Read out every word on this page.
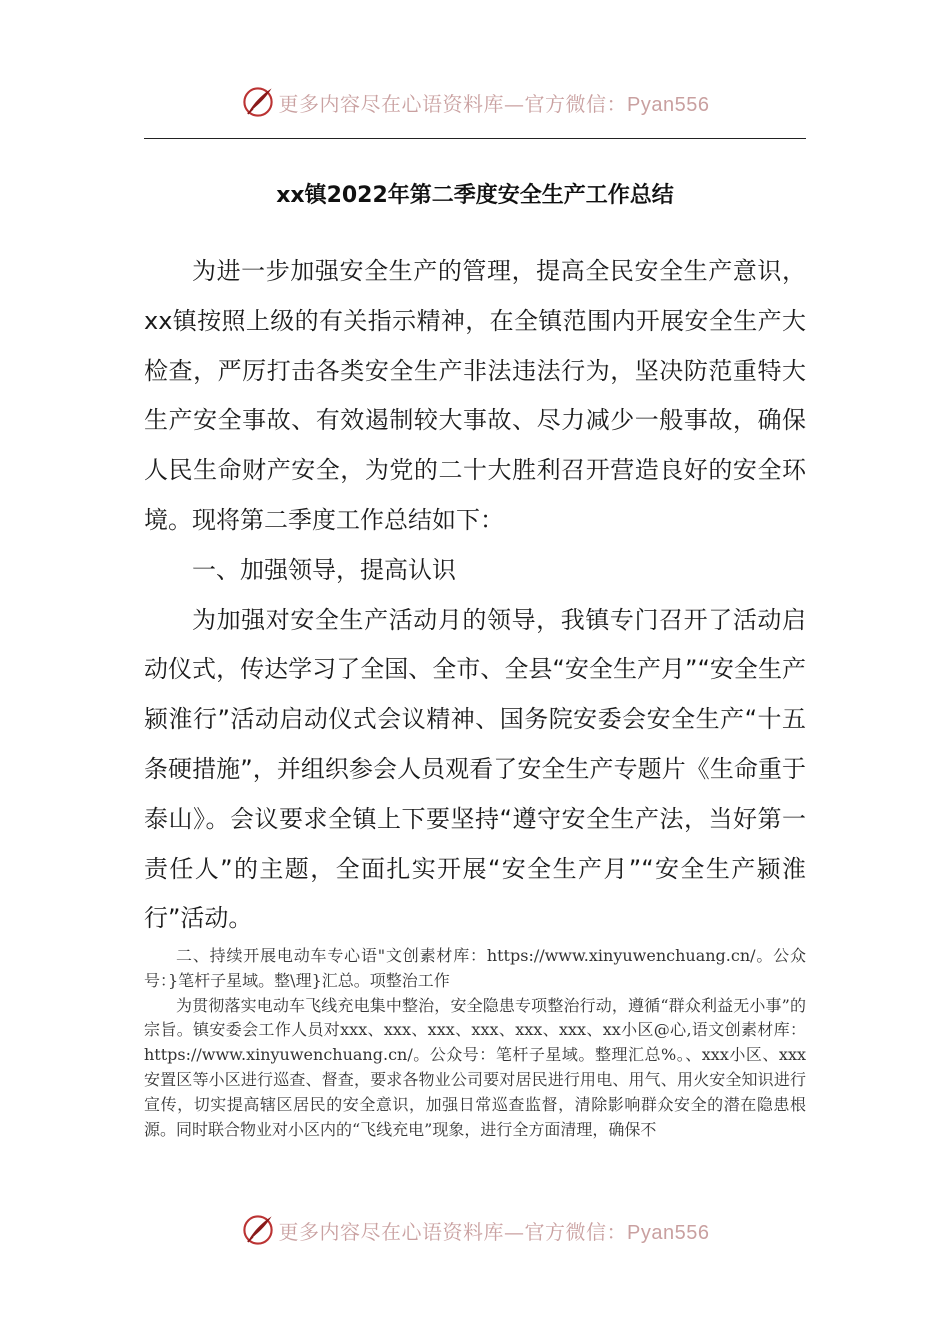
更多内容尽在心语资料库—官方微信：Pyan556
xx镇2022年第二季度安全生产工作总结

为进一步加强安全生产的管理，提高全民安全生产意识，xx镇按照上级的有关指示精神，在全镇范围内开展安全生产大检查，严厉打击各类安全生产非法违法行为，坚决防范重特大生产安全事故、有效遏制较大事故、尽力减少一般事故，确保人民生命财产安全，为党的二十大胜利召开营造良好的安全环境。现将第二季度工作总结如下：

一、加强领导，提高认识

为加强对安全生产活动月的领导，我镇专门召开了活动启动仪式，传达学习了全国、全市、全县“安全生产月”“安全生产颍淮行”活动启动仪式会议精神、国务院安委会安全生产“十五条硬措施”，并组织参会人员观看了安全生产专题片《生命重于泰山》。会议要求全镇上下要坚持“遵守安全生产法，当好第一责任人”的主题，全面扎实开展“安全生产月”“安全生产颍淮行”活动。

二、持续开展电动车专心语"文创素材库：https://www.xinyuwenchuang.cn/。公众号：}笔杆子星域。整\理}汇总。项整治工作

为贯彻落实电动车飞线充电集中整治，安全隐患专项整治行动，遵循“群众利益无小事”的宗旨。镇安委会工作人员对xxx、xxx、xxx、xxx、xxx、xxx、xx小区@心,语文创素材库：https://www.xinyuwenchuang.cn/。公众号：笔杆子星域。整理汇总%。、xxx小区、xxx安置区等小区进行巡查、督查，要求各物业公司要对居民进行用电、用气、用火安全知识进行宣传，切实提高辖区居民的安全意识，加强日常巡查监督，清除影响群众安全的潜在隐患根源。同时联合物业对小区内的“飞线充电”现象，进行全方面清理，确保不

更多内容尽在心语资料库—官方微信：Pyan556
